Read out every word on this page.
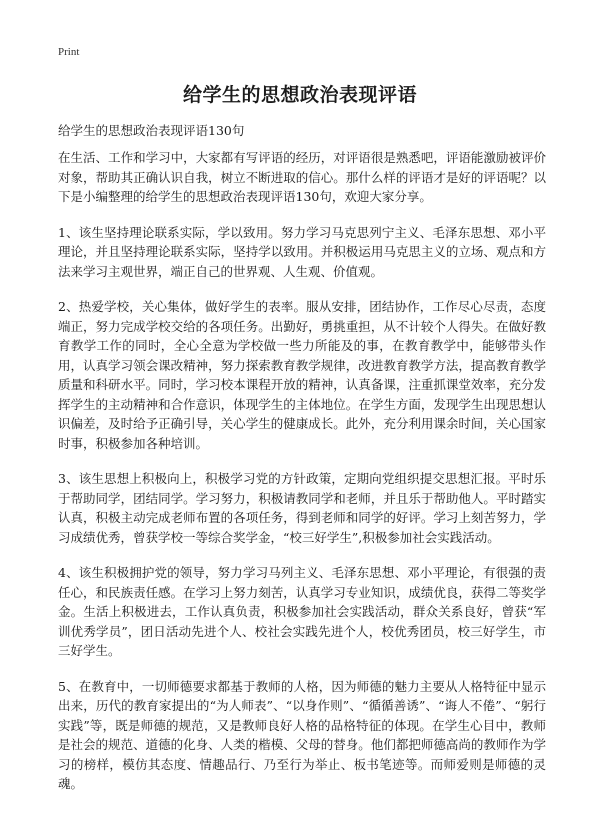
Print
给学生的思想政治表现评语
给学生的思想政治表现评语130句

在生活、工作和学习中，大家都有写评语的经历，对评语很是熟悉吧，评语能激励被评价对象，帮助其正确认识自我，树立不断进取的信心。那什么样的评语才是好的评语呢？以下是小编整理的给学生的思想政治表现评语130句，欢迎大家分享。

1、该生坚持理论联系实际，学以致用。努力学习马克思列宁主义、毛泽东思想、邓小平理论，并且坚持理论联系实际，坚持学以致用。并积极运用马克思主义的立场、观点和方法来学习主观世界，端正自己的世界观、人生观、价值观。

2、热爱学校，关心集体，做好学生的表率。服从安排，团结协作，工作尽心尽责，态度端正，努力完成学校交给的各项任务。出勤好，勇挑重担，从不计较个人得失。在做好教育教学工作的同时，全心全意为学校做一些力所能及的事，在教育教学中，能够带头作用，认真学习领会课改精神，努力探索教育教学规律，改进教育教学方法，提高教育教学质量和科研水平。同时，学习校本课程开放的精神，认真备课，注重抓课堂效率，充分发挥学生的主动精神和合作意识，体现学生的主体地位。在学生方面，发现学生出现思想认识偏差，及时给予正确引导，关心学生的健康成长。此外，充分利用课余时间，关心国家时事，积极参加各种培训。

3、该生思想上积极向上，积极学习党的方针政策，定期向党组织提交思想汇报。平时乐于帮助同学，团结同学。学习努力，积极请教同学和老师，并且乐于帮助他人。平时踏实认真，积极主动完成老师布置的各项任务，得到老师和同学的好评。学习上刻苦努力，学习成绩优秀，曾获学校一等综合奖学金，“校三好学生”,积极参加社会实践活动。

4、该生积极拥护党的领导，努力学习马列主义、毛泽东思想、邓小平理论，有很强的责任心，和民族责任感。在学习上努力刻苦，认真学习专业知识，成绩优良，获得二等奖学金。生活上积极进去，工作认真负责，积极参加社会实践活动，群众关系良好，曾获“军训优秀学员”，团日活动先进个人、校社会实践先进个人，校优秀团员，校三好学生，市三好学生。

5、在教育中，一切师德要求都基于教师的人格，因为师德的魅力主要从人格特征中显示出来，历代的教育家提出的“为人师表”、“以身作则”、“循循善诱”、“诲人不倦”、“躬行实践”等，既是师德的规范，又是教师良好人格的品格特征的体现。在学生心目中，教师是社会的规范、道德的化身、人类的楷模、父母的替身。他们都把师德高尚的教师作为学习的榜样，模仿其态度、情趣品行、乃至行为举止、板书笔迹等。而师爱则是师德的灵魂。
